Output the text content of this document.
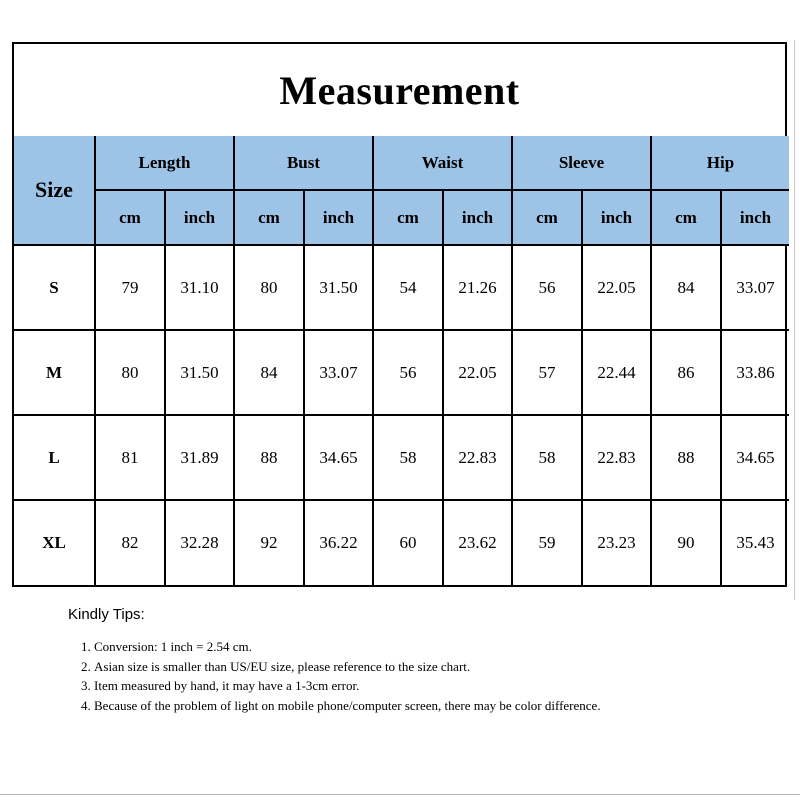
Measurement
Size
Length	Bust	Waist	Sleeve	Hip
cm	inch	cm	inch	cm	inch	cm	inch	cm	inch
S	79	31.10	80	31.50	54	21.26	56	22.05	84	33.07
M	80	31.50	84	33.07	56	22.05	57	22.44	86	33.86
L	81	31.89	88	34.65	58	22.83	58	22.83	88	34.65
XL	82	32.28	92	36.22	60	23.62	59	23.23	90	35.43
Kindly Tips:
1. Conversion: 1 inch = 2.54 cm.
2. Asian size is smaller than US/EU size, please reference to the size chart.
3. Item measured by hand, it may have a 1-3cm error.
4. Because of the problem of light on mobile phone/computer screen, there may be color difference.
